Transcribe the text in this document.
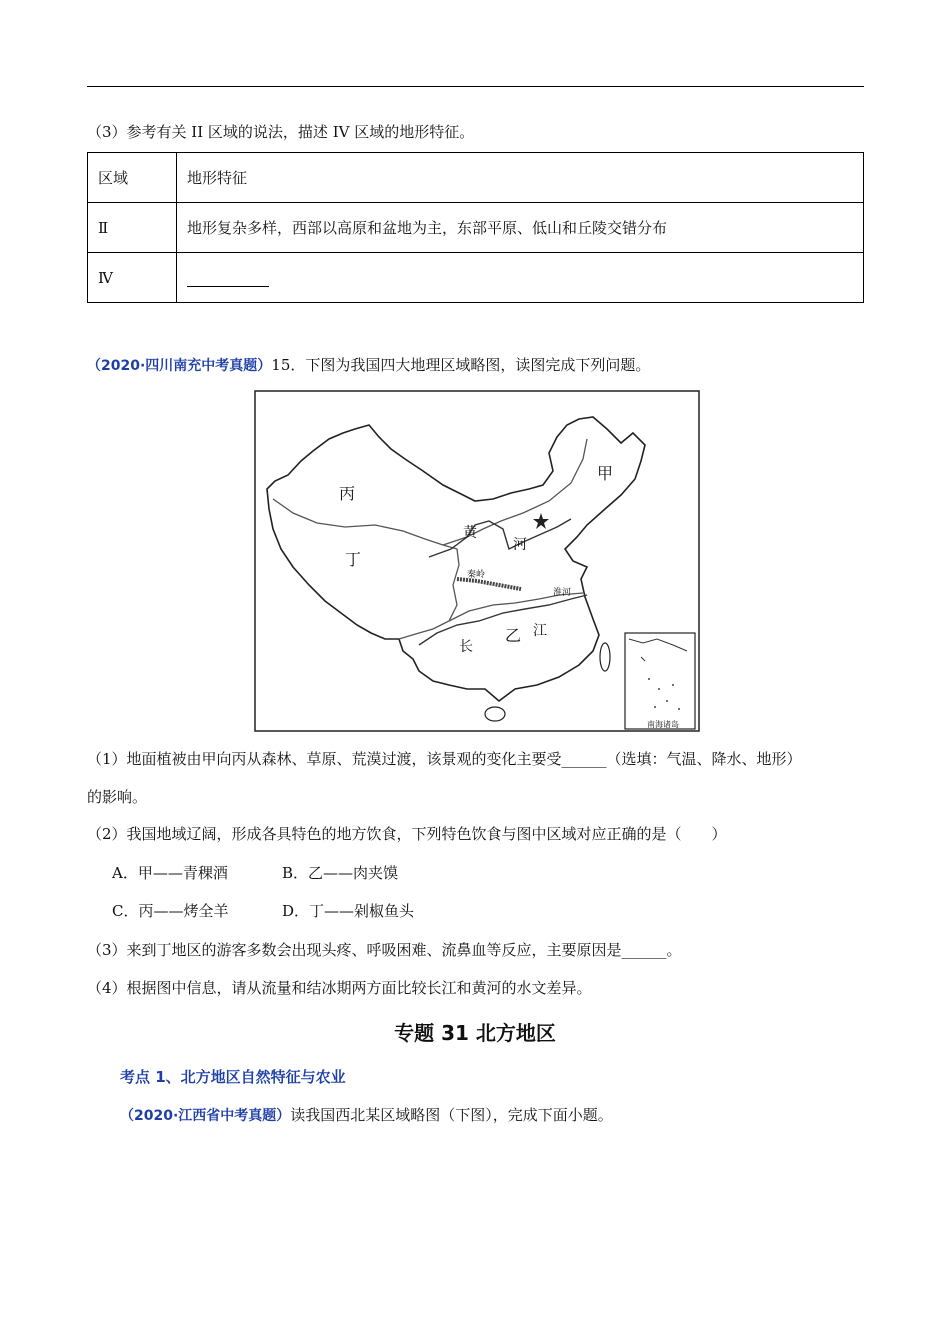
（3）参考有关 II 区域的说法，描述 IV 区域的地形特征。
区域	地形特征
Ⅱ	地形复杂多样，西部以高原和盆地为主，东部平原、低山和丘陵交错分布
Ⅳ	
（2020·四川南充中考真题）15．下图为我国四大地理区域略图，读图完成下列问题。
甲
乙
丙
丁
黄
河
长
江
秦岭
淮河
南海诸岛
（1）地面植被由甲向丙从森林、草原、荒漠过渡，该景观的变化主要受______（选填：气温、降水、地形）
的影响。
（2）我国地域辽阔，形成各具特色的地方饮食，下列特色饮食与图中区域对应正确的是（　　）
A．甲——青稞酒	B．乙——肉夹馍
C．丙——烤全羊	D．丁——剁椒鱼头
（3）来到丁地区的游客多数会出现头疼、呼吸困难、流鼻血等反应，主要原因是______。
（4）根据图中信息，请从流量和结冰期两方面比较长江和黄河的水文差异。
专题 31 北方地区
考点 1、北方地区自然特征与农业
（2020·江西省中考真题）读我国西北某区域略图（下图），完成下面小题。
